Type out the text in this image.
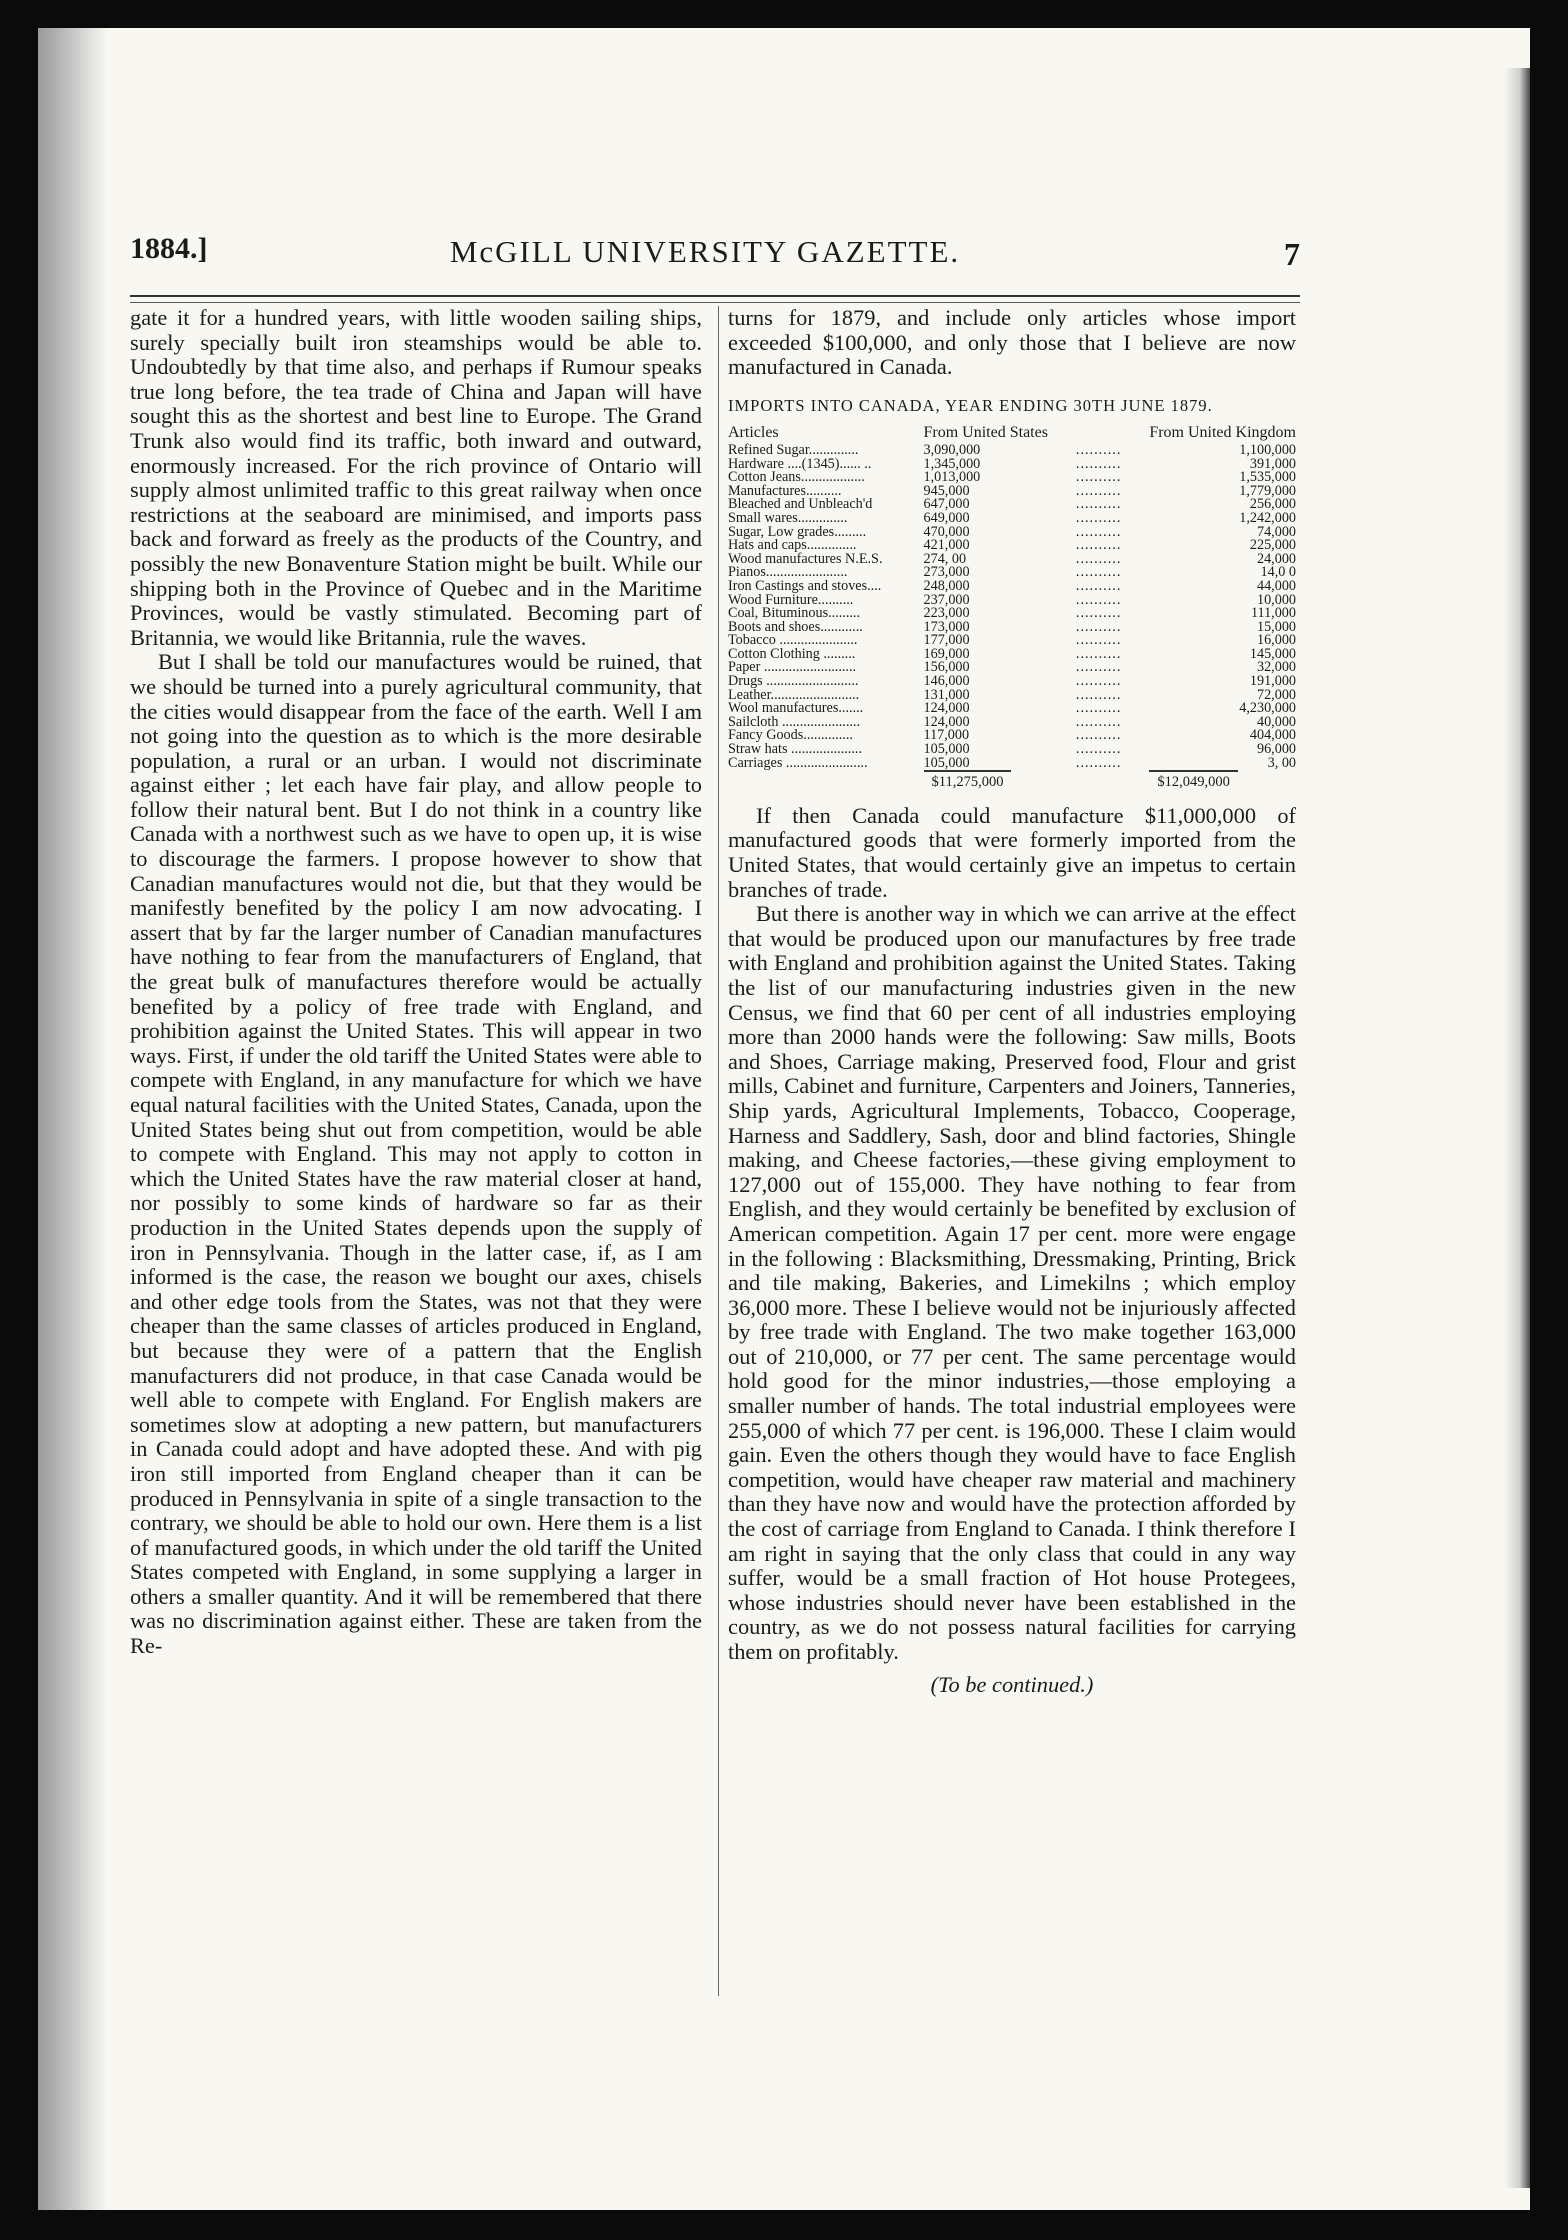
1884.]	McGILL UNIVERSITY GAZETTE.	7

gate it for a hundred years, with little wooden sailing ships, surely specially built iron steamships would be able to. Undoubtedly by that time also, and perhaps if Rumour speaks true long before, the tea trade of China and Japan will have sought this as the shortest and best line to Europe. The Grand Trunk also would find its traffic, both inward and outward, enormously increased. For the rich province of Ontario will supply almost unlimited traffic to this great railway when once restrictions at the seaboard are minimised, and imports pass back and forward as freely as the products of the Country, and possibly the new Bonaventure Station might be built. While our shipping both in the Province of Quebec and in the Maritime Provinces, would be vastly stimulated. Becoming part of Britannia, we would like Britannia, rule the waves.

But I shall be told our manufactures would be ruined, that we should be turned into a purely agricultural community, that the cities would disappear from the face of the earth. Well I am not going into the question as to which is the more desirable population, a rural or an urban. I would not discriminate against either ; let each have fair play, and allow people to follow their natural bent. But I do not think in a country like Canada with a northwest such as we have to open up, it is wise to discourage the farmers. I propose however to show that Canadian manufactures would not die, but that they would be manifestly benefited by the policy I am now advocating. I assert that by far the larger number of Canadian manufactures have nothing to fear from the manufacturers of England, that the great bulk of manufactures therefore would be actually benefited by a policy of free trade with England, and prohibition against the United States. This will appear in two ways. First, if under the old tariff the United States were able to compete with England, in any manufacture for which we have equal natural facilities with the United States, Canada, upon the United States being shut out from competition, would be able to compete with England. This may not apply to cotton in which the United States have the raw material closer at hand, nor possibly to some kinds of hardware so far as their production in the United States depends upon the supply of iron in Pennsylvania. Though in the latter case, if, as I am informed is the case, the reason we bought our axes, chisels and other edge tools from the States, was not that they were cheaper than the same classes of articles produced in England, but because they were of a pattern that the English manufacturers did not produce, in that case Canada would be well able to compete with England. For English makers are sometimes slow at adopting a new pattern, but manufacturers in Canada could adopt and have adopted these. And with pig iron still imported from England cheaper than it can be produced in Pennsylvania in spite of a single transaction to the contrary, we should be able to hold our own. Here them is a list of manufactured goods, in which under the old tariff the United States competed with England, in some supplying a larger in others a smaller quantity. And it will be remembered that there was no discrimination against either. These are taken from the Re-

turns for 1879, and include only articles whose import exceeded $100,000, and only those that I believe are now manufactured in Canada.

IMPORTS INTO CANADA, YEAR ENDING 30TH JUNE 1879.
Articles	From United States		From United Kingdom
Refined Sugar..............	3,090,000	..........	1,100,000
Hardware ....(1345)...... ..	1,345,000	..........	391,000
Cotton Jeans..................	1,013,000	..........	1,535,000
Manufactures..........	945,000	..........	1,779,000
Bleached and Unbleach'd	647,000	..........	256,000
Small wares..............	649,000	..........	1,242,000
Sugar, Low grades.........	470,000	..........	74,000
Hats and caps..............	421,000	..........	225,000
Wood manufactures N.E.S.	274, 00	..........	24,000
Pianos.......................	273,000	..........	14,0 0
Iron Castings and stoves....	248,000	..........	44,000
Wood Furniture..........	237,000	..........	10,000
Coal, Bituminous.........	223,000	..........	111,000
Boots and shoes............	173,000	..........	15,000
Tobacco ......................	177,000	..........	16,000
Cotton Clothing .........	169,000	..........	145,000
Paper ..........................	156,000	..........	32,000
Drugs ..........................	146,000	..........	191,000
Leather.........................	131,000	..........	72,000
Wool manufactures.......	124,000	..........	4,230,000
Sailcloth ......................	124,000	..........	40,000
Fancy Goods..............	117,000	..........	404,000
Straw hats ....................	105,000	..........	96,000
Carriages .......................	105,000	..........	3, 00
	$11,275,000		$12,049,000

If then Canada could manufacture $11,000,000 of manufactured goods that were formerly imported from the United States, that would certainly give an impetus to certain branches of trade.

But there is another way in which we can arrive at the effect that would be produced upon our manufactures by free trade with England and prohibition against the United States. Taking the list of our manufacturing industries given in the new Census, we find that 60 per cent of all industries employing more than 2000 hands were the following: Saw mills, Boots and Shoes, Carriage making, Preserved food, Flour and grist mills, Cabinet and furniture, Carpenters and Joiners, Tanneries, Ship yards, Agricultural Implements, Tobacco, Cooperage, Harness and Saddlery, Sash, door and blind factories, Shingle making, and Cheese factories,—these giving employment to 127,000 out of 155,000. They have nothing to fear from English, and they would certainly be benefited by exclusion of American competition. Again 17 per cent. more were engage in the following : Blacksmithing, Dressmaking, Printing, Brick and tile making, Bakeries, and Limekilns ; which employ 36,000 more. These I believe would not be injuriously affected by free trade with England. The two make together 163,000 out of 210,000, or 77 per cent. The same percentage would hold good for the minor industries,—those employing a smaller number of hands. The total industrial employees were 255,000 of which 77 per cent. is 196,000. These I claim would gain. Even the others though they would have to face English competition, would have cheaper raw material and machinery than they have now and would have the protection afforded by the cost of carriage from England to Canada. I think therefore I am right in saying that the only class that could in any way suffer, would be a small fraction of Hot house Protegees, whose industries should never have been established in the country, as we do not possess natural facilities for carrying them on profitably.

(To be continued.)
